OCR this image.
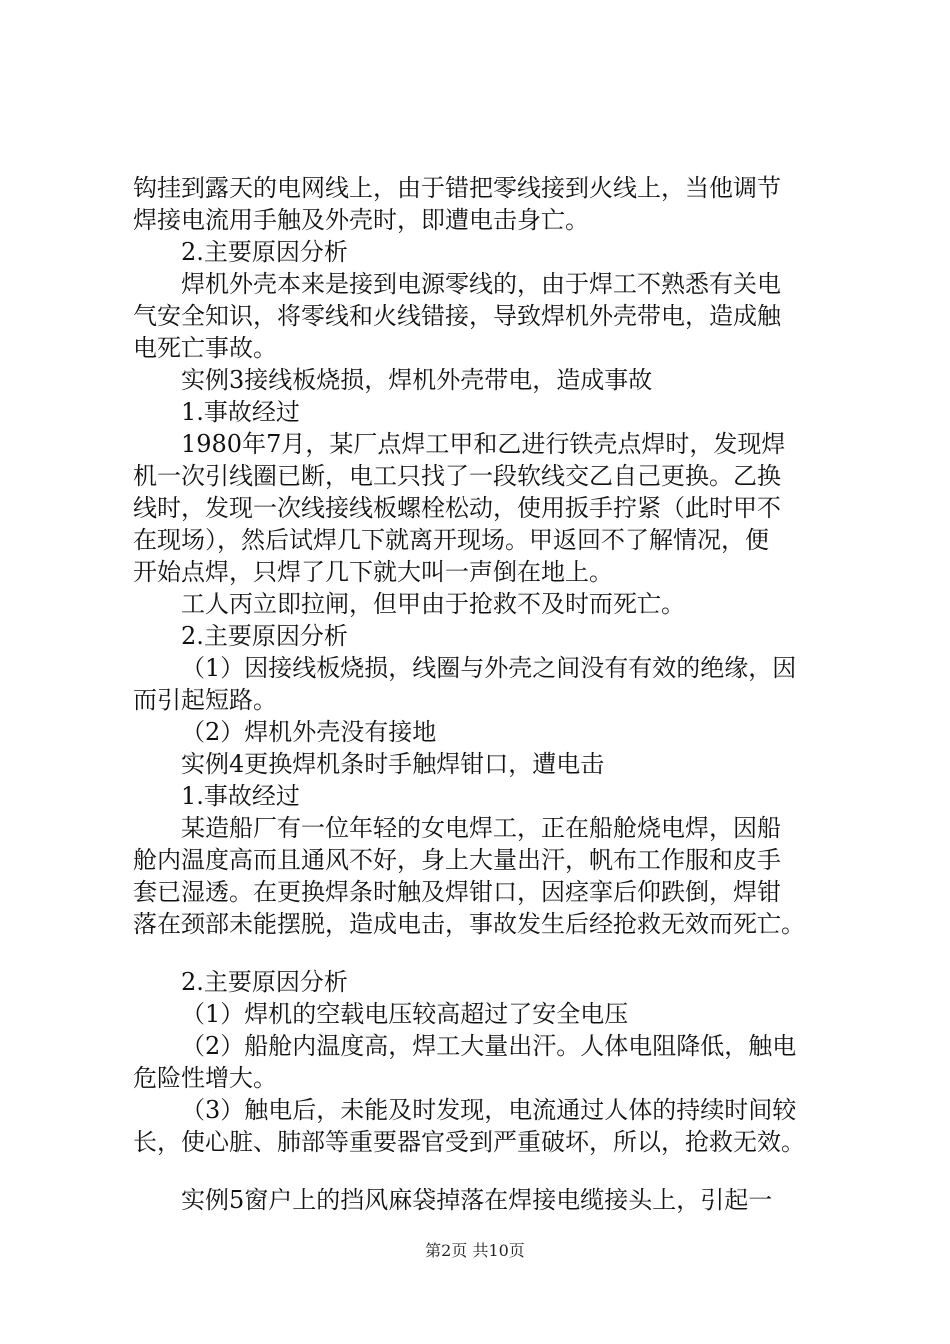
钩挂到露天的电网线上，由于错把零线接到火线上，当他调节
焊接电流用手触及外壳时，即遭电击身亡。
2.主要原因分析
焊机外壳本来是接到电源零线的，由于焊工不熟悉有关电
气安全知识，将零线和火线错接，导致焊机外壳带电，造成触
电死亡事故。
实例3接线板烧损，焊机外壳带电，造成事故
1.事故经过
1980年7月，某厂点焊工甲和乙进行铁壳点焊时，发现焊
机一次引线圈已断，电工只找了一段软线交乙自己更换。乙换
线时，发现一次线接线板螺栓松动，使用扳手拧紧（此时甲不
在现场），然后试焊几下就离开现场。甲返回不了解情况，便
开始点焊，只焊了几下就大叫一声倒在地上。
工人丙立即拉闸，但甲由于抢救不及时而死亡。
2.主要原因分析
（1）因接线板烧损，线圈与外壳之间没有有效的绝缘，因
而引起短路。
（2）焊机外壳没有接地
实例4更换焊机条时手触焊钳口，遭电击
1.事故经过
某造船厂有一位年轻的女电焊工，正在船舱烧电焊，因船
舱内温度高而且通风不好，身上大量出汗，帆布工作服和皮手
套已湿透。在更换焊条时触及焊钳口，因痉挛后仰跌倒，焊钳
落在颈部未能摆脱，造成电击，事故发生后经抢救无效而死亡。
2.主要原因分析
（1）焊机的空载电压较高超过了安全电压
（2）船舱内温度高，焊工大量出汗。人体电阻降低，触电
危险性增大。
（3）触电后，未能及时发现，电流通过人体的持续时间较
长，使心脏、肺部等重要器官受到严重破坏，所以，抢救无效。
实例5窗户上的挡风麻袋掉落在焊接电缆接头上，引起一
第2页 共10页
